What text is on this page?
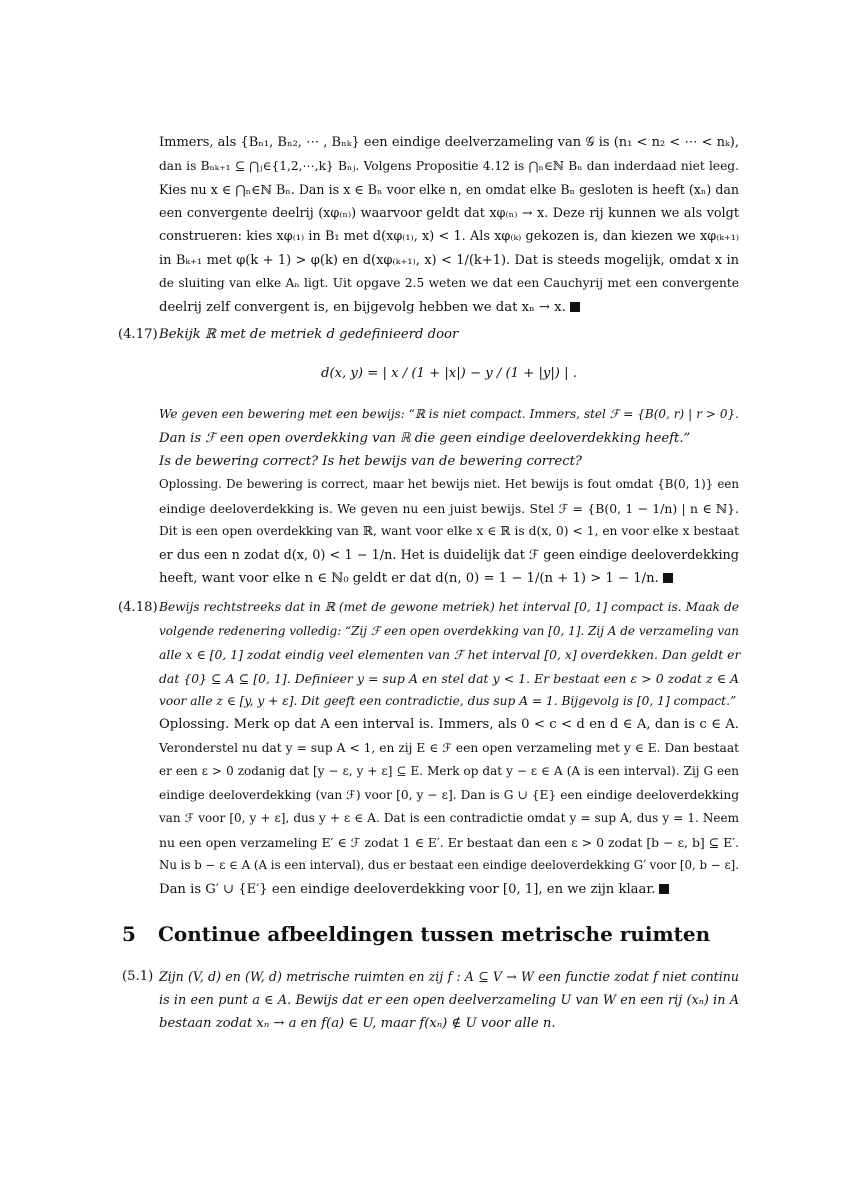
Immers, als {Bₙ₁, Bₙ₂, ⋯ , Bₙₖ} een eindige deelverzameling van 𝒢 is (n₁ < n₂ < ⋯ < nₖ),
dan is Bₙₖ₊₁ ⊆ ⋂ⱼ∈{1,2,⋯,k} Bₙⱼ. Volgens Propositie 4.12 is ⋂ₙ∈ℕ Bₙ dan inderdaad niet leeg.
Kies nu x ∈ ⋂ₙ∈ℕ Bₙ. Dan is x ∈ Bₙ voor elke n, en omdat elke Bₙ gesloten is heeft (xₙ) dan
een convergente deelrij (xφ₍ₙ₎) waarvoor geldt dat xφ₍ₙ₎ → x. Deze rij kunnen we als volgt
construeren: kies xφ₍₁₎ in B₁ met d(xφ₍₁₎, x) < 1. Als xφ₍ₖ₎ gekozen is, dan kiezen we xφ₍ₖ₊₁₎
in Bₖ₊₁ met φ(k + 1) > φ(k) en d(xφ₍ₖ₊₁₎, x) < 1/(k+1). Dat is steeds mogelijk, omdat x in
de sluiting van elke Aₙ ligt. Uit opgave 2.5 weten we dat een Cauchyrij met een convergente
deelrij zelf convergent is, en bijgevolg hebben we dat xₙ → x.
(4.17) Bekijk ℝ met de metriek d gedefinieerd door
d(x, y) = | x / (1 + |x|) − y / (1 + |y|) | .
We geven een bewering met een bewijs: “ℝ is niet compact. Immers, stel ℱ = {B(0, r) | r > 0}.
Dan is ℱ een open overdekking van ℝ die geen eindige deeloverdekking heeft.”
Is de bewering correct? Is het bewijs van de bewering correct?
Oplossing. De bewering is correct, maar het bewijs niet. Het bewijs is fout omdat {B(0, 1)} een
eindige deeloverdekking is. We geven nu een juist bewijs. Stel ℱ = {B(0, 1 − 1/n) | n ∈ ℕ}.
Dit is een open overdekking van ℝ, want voor elke x ∈ ℝ is d(x, 0) < 1, en voor elke x bestaat
er dus een n zodat d(x, 0) < 1 − 1/n. Het is duidelijk dat ℱ geen eindige deeloverdekking
heeft, want voor elke n ∈ ℕ₀ geldt er dat d(n, 0) = 1 − 1/(n + 1) > 1 − 1/n.
(4.18) Bewijs rechtstreeks dat in ℝ (met de gewone metriek) het interval [0, 1] compact is. Maak de
volgende redenering volledig: “Zij ℱ een open overdekking van [0, 1]. Zij A de verzameling van
alle x ∈ [0, 1] zodat eindig veel elementen van ℱ het interval [0, x] overdekken. Dan geldt er
dat {0} ⊆ A ⊆ [0, 1]. Definieer y = sup A en stel dat y < 1. Er bestaat een ε > 0 zodat z ∈ A
voor alle z ∈ [y, y + ε]. Dit geeft een contradictie, dus sup A = 1. Bijgevolg is [0, 1] compact.”
Oplossing. Merk op dat A een interval is. Immers, als 0 < c < d en d ∈ A, dan is c ∈ A.
Veronderstel nu dat y = sup A < 1, en zij E ∈ ℱ een open verzameling met y ∈ E. Dan bestaat
er een ε > 0 zodanig dat [y − ε, y + ε] ⊆ E. Merk op dat y − ε ∈ A (A is een interval). Zij G een
eindige deeloverdekking (van ℱ) voor [0, y − ε]. Dan is G ∪ {E} een eindige deeloverdekking
van ℱ voor [0, y + ε], dus y + ε ∈ A. Dat is een contradictie omdat y = sup A, dus y = 1. Neem
nu een open verzameling E′ ∈ ℱ zodat 1 ∈ E′. Er bestaat dan een ε > 0 zodat [b − ε, b] ⊆ E′.
Nu is b − ε ∈ A (A is een interval), dus er bestaat een eindige deeloverdekking G′ voor [0, b − ε].
Dan is G′ ∪ {E′} een eindige deeloverdekking voor [0, 1], en we zijn klaar.
5 Continue afbeeldingen tussen metrische ruimten
(5.1) Zijn (V, d) en (W, d) metrische ruimten en zij f : A ⊆ V → W een functie zodat f niet continu
is in een punt a ∈ A. Bewijs dat er een open deelverzameling U van W en een rij (xₙ) in A
bestaan zodat xₙ → a en f(a) ∈ U, maar f(xₙ) ∉ U voor alle n.
